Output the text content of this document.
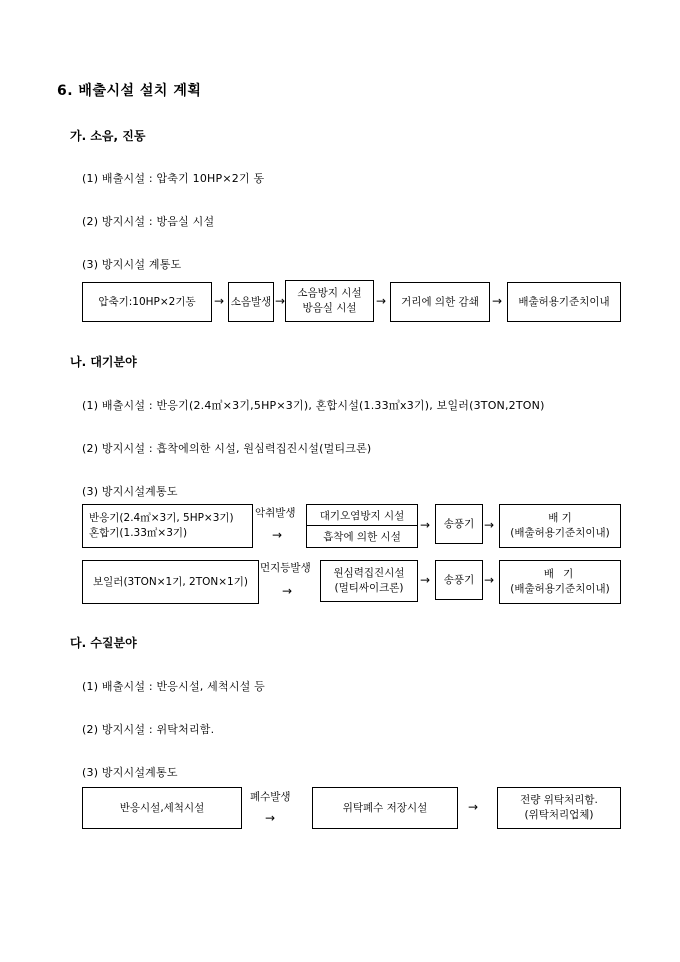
6. 배출시설 설치 계획
가. 소음, 진동
(1) 배출시설 : 압축기 10HP×2기 동
(2) 방지시설 : 방음실 시설
(3) 방지시설 계통도
압축기:10HP×2기동 → 소음발생 →
소음방지 시설
방음실 시설 → 거리에 의한 감쇄 → 배출허용기준치이내
나. 대기분야
(1) 배출시설 : 반응기(2.4㎥×3기,5HP×3기), 혼합시설(1.33㎥x3기), 보일러(3TON,2TON)
(2) 방지시설 : 흡착에의한 시설, 원심력집진시설(멀티크론)
(3) 방지시설계통도
반응기(2.4㎥×3기, 5HP×3기)
혼합기(1.33㎥×3기)
악취발생
→
대기오염방지 시설
흡착에 의한 시설
→ 송풍기 →	배 기
(배출허용기준치이내)
보일러(3TON×1기, 2TON×1기)
먼지등발생
→
원심력집진시설
(멀티싸이크론)
→ 송풍기 →	배 기
(배출허용기준치이내)
다. 수질분야
(1) 배출시설 : 반응시설, 세척시설 등
(2) 방지시설 : 위탁처리함.
(3) 방지시설계통도
반응시설,세척시설
폐수발생
→
위탁폐수 저장시설	→	전량 위탁처리함.
(위탁처리업체)
